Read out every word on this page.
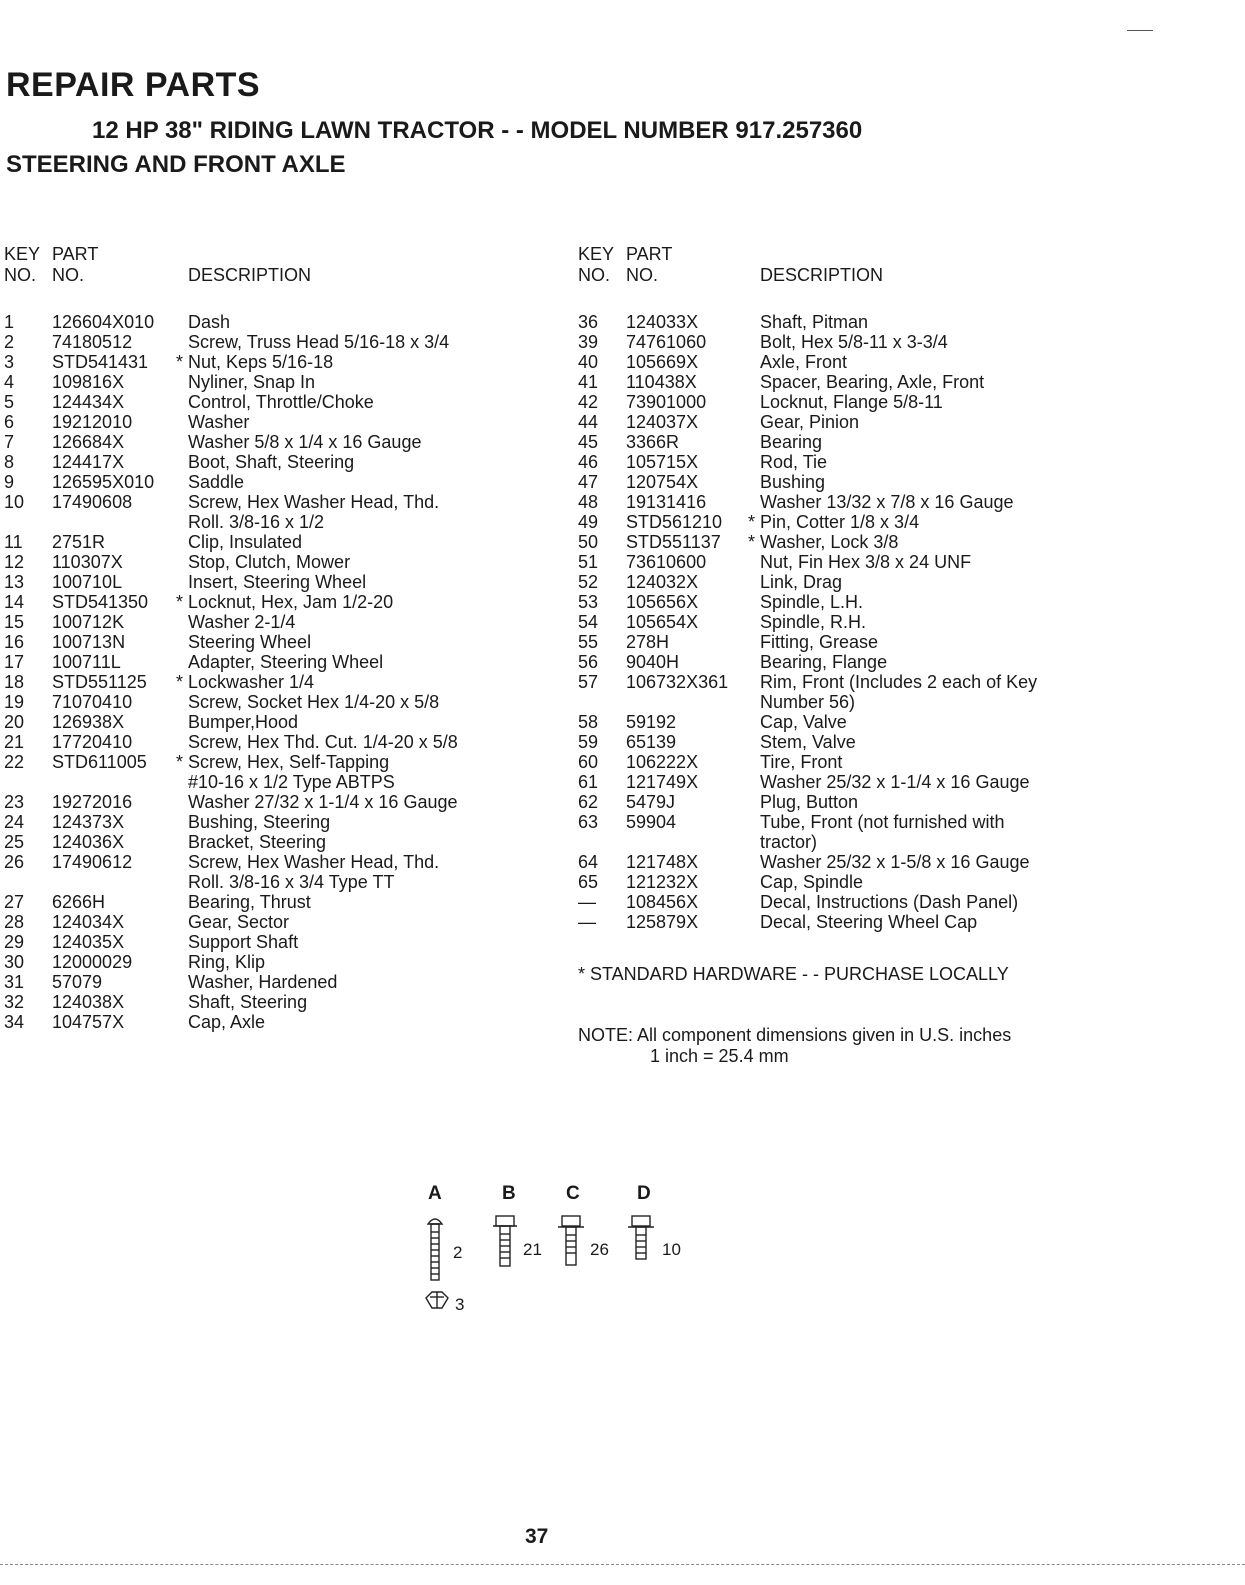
REPAIR PARTS
12 HP 38" RIDING LAWN TRACTOR - - MODEL NUMBER 917.257360
STEERING AND FRONT AXLE
KEY PART
NO. NO.	DESCRIPTION
1	126604X010	Dash
2	74180512	Screw, Truss Head 5/16-18 x 3/4
3	STD541431	* Nut, Keps 5/16-18
4	109816X	Nyliner, Snap In
5	124434X	Control, Throttle/Choke
6	19212010	Washer
7	126684X	Washer 5/8 x 1/4 x 16 Gauge
8	124417X	Boot, Shaft, Steering
9	126595X010	Saddle
10	17490608	Screw, Hex Washer Head, Thd.
Roll. 3/8-16 x 1/2
11	2751R	Clip, Insulated
12	110307X	Stop, Clutch, Mower
13	100710L	Insert, Steering Wheel
14	STD541350	* Locknut, Hex, Jam 1/2-20
15	100712K	Washer 2-1/4
16	100713N	Steering Wheel
17	100711L	Adapter, Steering Wheel
18	STD551125	* Lockwasher 1/4
19	71070410	Screw, Socket Hex 1/4-20 x 5/8
20	126938X	Bumper,Hood
21	17720410	Screw, Hex Thd. Cut. 1/4-20 x 5/8
22	STD611005	* Screw, Hex, Self-Tapping
#10-16 x 1/2 Type ABTPS
23	19272016	Washer 27/32 x 1-1/4 x 16 Gauge
24	124373X	Bushing, Steering
25	124036X	Bracket, Steering
26	17490612	Screw, Hex Washer Head, Thd.
Roll. 3/8-16 x 3/4 Type TT
27	6266H	Bearing, Thrust
28	124034X	Gear, Sector
29	124035X	Support Shaft
30	12000029	Ring, Klip
31	57079	Washer, Hardened
32	124038X	Shaft, Steering
34	104757X	Cap, Axle
KEY PART
NO. NO.	DESCRIPTION
36	124033X	Shaft, Pitman
39	74761060	Bolt, Hex 5/8-11 x 3-3/4
40	105669X	Axle, Front
41	110438X	Spacer, Bearing, Axle, Front
42	73901000	Locknut, Flange 5/8-11
44	124037X	Gear, Pinion
45	3366R	Bearing
46	105715X	Rod, Tie
47	120754X	Bushing
48	19131416	Washer 13/32 x 7/8 x 16 Gauge
49	STD561210	* Pin, Cotter 1/8 x 3/4
50	STD551137	* Washer, Lock 3/8
51	73610600	Nut, Fin Hex 3/8 x 24 UNF
52	124032X	Link, Drag
53	105656X	Spindle, L.H.
54	105654X	Spindle, R.H.
55	278H	Fitting, Grease
56	9040H	Bearing, Flange
57	106732X361	Rim, Front (Includes 2 each of Key
Number 56)
58	59192	Cap, Valve
59	65139	Stem, Valve
60	106222X	Tire, Front
61	121749X	Washer 25/32 x 1-1/4 x 16 Gauge
62	5479J	Plug, Button
63	59904	Tube, Front (not furnished with
tractor)
64	121748X	Washer 25/32 x 1-5/8 x 16 Gauge
65	121232X	Cap, Spindle
—	108456X	Decal, Instructions (Dash Panel)
—	125879X	Decal, Steering Wheel Cap
* STANDARD HARDWARE - - PURCHASE LOCALLY
NOTE: All component dimensions given in U.S. inches
1 inch = 25.4 mm
A	B	C	D
2	21	26	10
3
37
